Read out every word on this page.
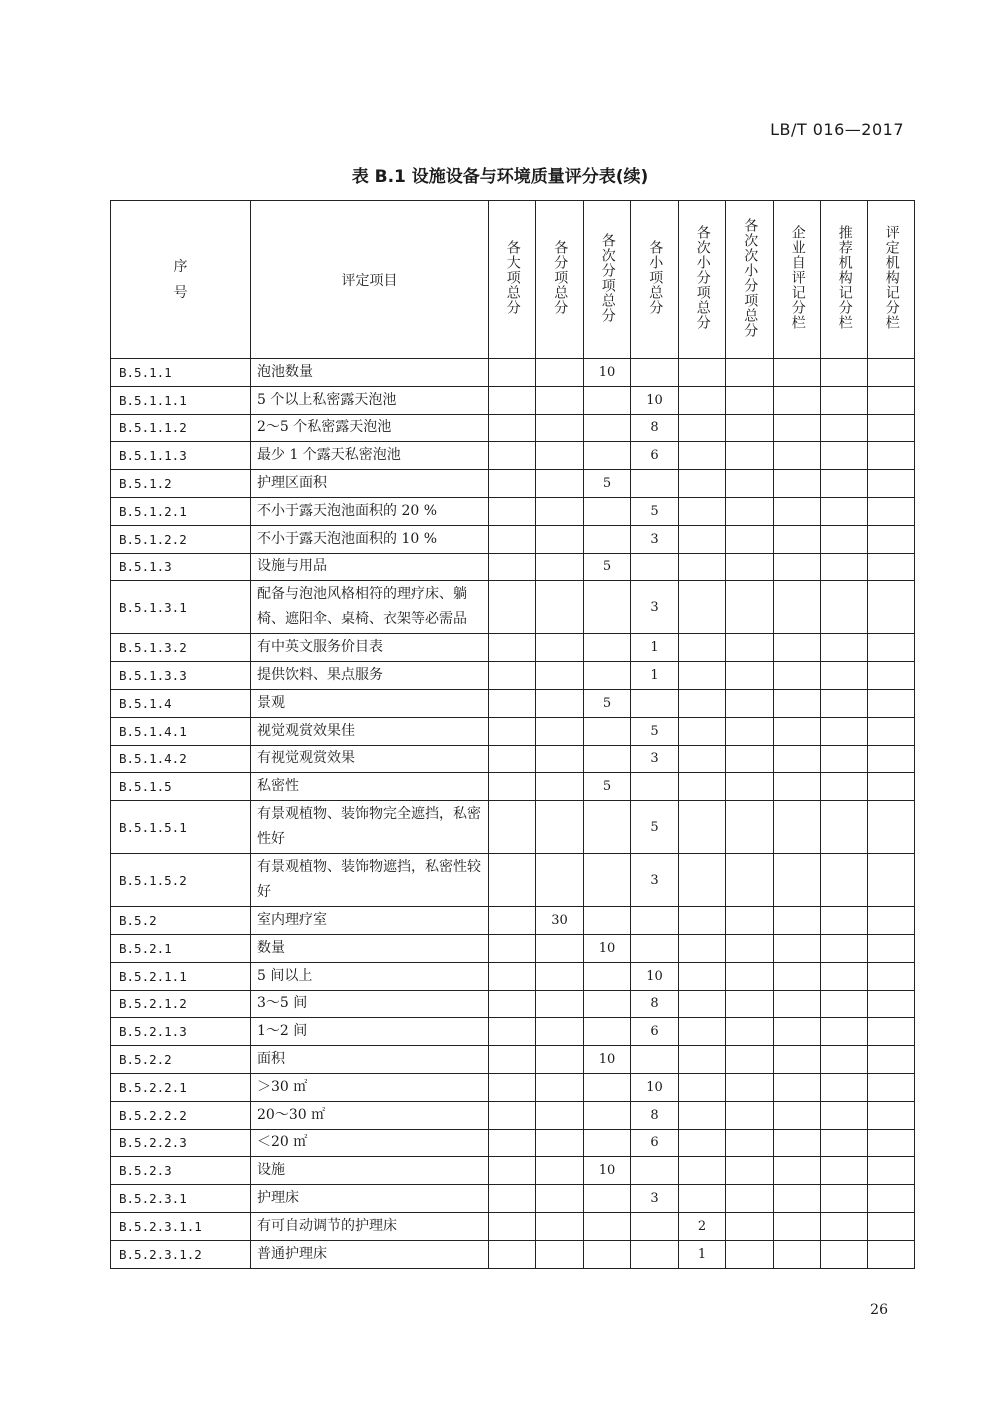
LB/T 016—2017
表 B.1 设施设备与环境质量评分表(续)
序
号	评定项目	各大项总分	各分项总分	各次分项总分	各小项总分	各次小分项总分	各次次小分项总分	企业自评记分栏	推荐机构记分栏	评定机构记分栏
B.5.1.1	泡池数量			10						
B.5.1.1.1	5 个以上私密露天泡池				10					
B.5.1.1.2	2～5 个私密露天泡池				8					
B.5.1.1.3	最少 1 个露天私密泡池				6					
B.5.1.2	护理区面积			5						
B.5.1.2.1	不小于露天泡池面积的 20 %				5					
B.5.1.2.2	不小于露天泡池面积的 10 %				3					
B.5.1.3	设施与用品			5						
B.5.1.3.1	配备与泡池风格相符的理疗床、躺椅、遮阳伞、桌椅、衣架等必需品				3					
B.5.1.3.2	有中英文服务价目表				1					
B.5.1.3.3	提供饮料、果点服务				1					
B.5.1.4	景观			5						
B.5.1.4.1	视觉观赏效果佳				5					
B.5.1.4.2	有视觉观赏效果				3					
B.5.1.5	私密性			5						
B.5.1.5.1	有景观植物、装饰物完全遮挡，私密性好				5					
B.5.1.5.2	有景观植物、装饰物遮挡，私密性较好				3					
B.5.2	室内理疗室		30							
B.5.2.1	数量			10						
B.5.2.1.1	5 间以上				10					
B.5.2.1.2	3～5 间				8					
B.5.2.1.3	1～2 间				6					
B.5.2.2	面积			10						
B.5.2.2.1	＞30 ㎡				10					
B.5.2.2.2	20～30 ㎡				8					
B.5.2.2.3	＜20 ㎡				6					
B.5.2.3	设施			10						
B.5.2.3.1	护理床				3					
B.5.2.3.1.1	有可自动调节的护理床					2				
B.5.2.3.1.2	普通护理床					1				
26
